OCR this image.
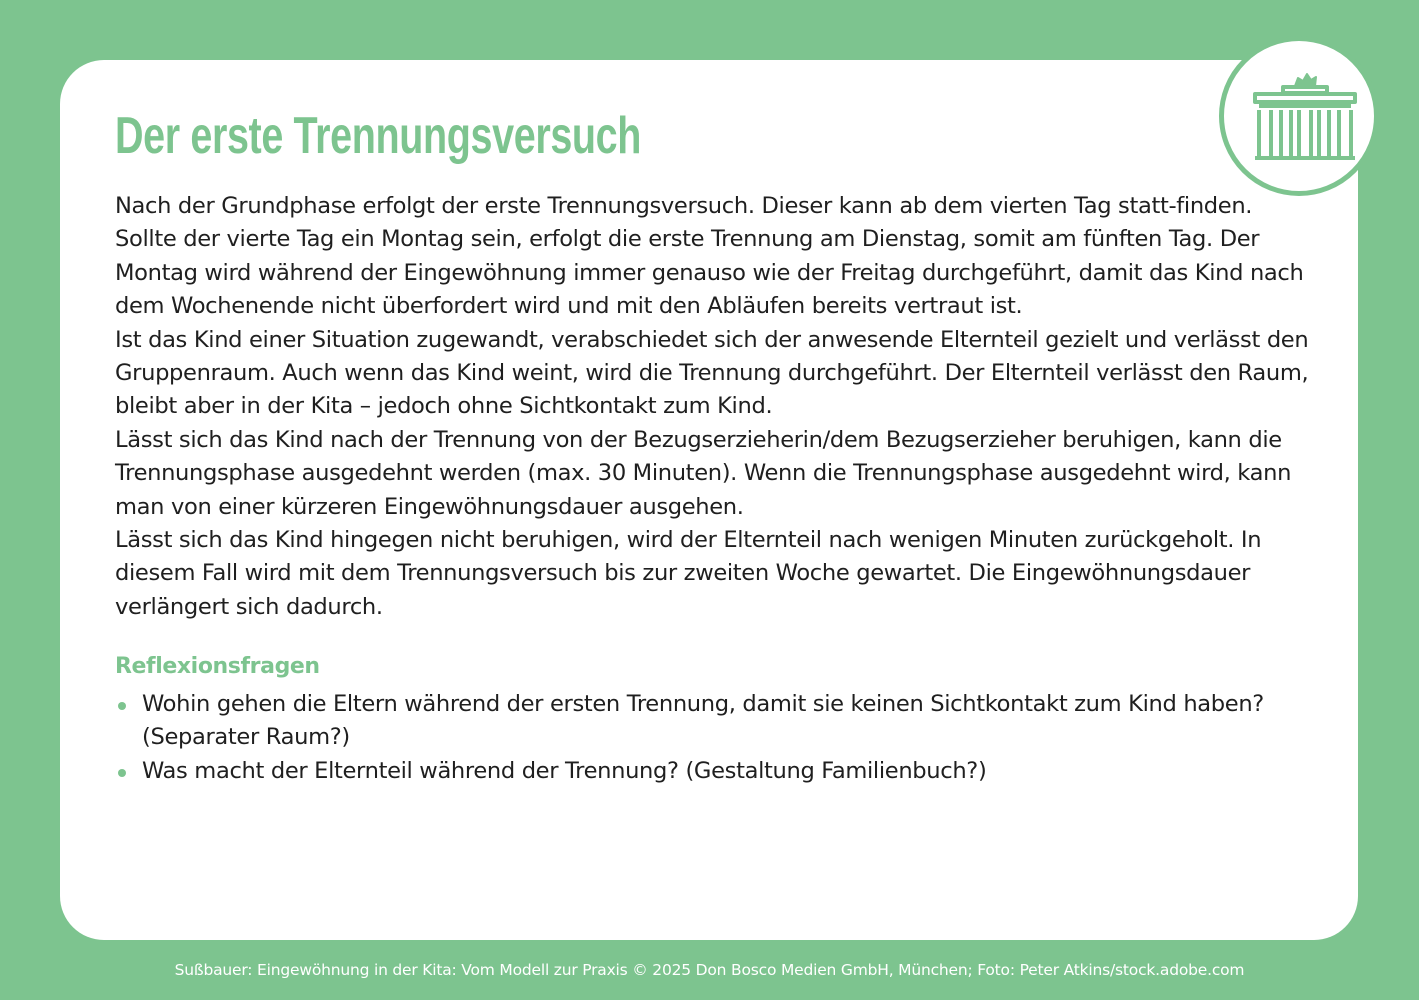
Der erste Trennungsversuch

Nach der Grundphase erfolgt der erste Trennungsversuch. Dieser kann ab dem vierten Tag statt-finden. Sollte der vierte Tag ein Montag sein, erfolgt die erste Trennung am Dienstag, somit am fünften Tag. Der Montag wird während der Eingewöhnung immer genauso wie der Freitag durchgeführt, damit das Kind nach dem Wochenende nicht überfordert wird und mit den Abläufen bereits vertraut ist.

Ist das Kind einer Situation zugewandt, verabschiedet sich der anwesende Elternteil gezielt und verlässt den Gruppenraum. Auch wenn das Kind weint, wird die Trennung durchgeführt. Der Elternteil verlässt den Raum, bleibt aber in der Kita – jedoch ohne Sichtkontakt zum Kind.

Lässt sich das Kind nach der Trennung von der Bezugserzieherin/dem Bezugserzieher beruhigen, kann die Trennungsphase ausgedehnt werden (max. 30 Minuten). Wenn die Trennungsphase ausgedehnt wird, kann man von einer kürzeren Eingewöhnungsdauer ausgehen.

Lässt sich das Kind hingegen nicht beruhigen, wird der Elternteil nach wenigen Minuten zurückgeholt. In diesem Fall wird mit dem Trennungsversuch bis zur zweiten Woche gewartet. Die Eingewöhnungsdauer verlängert sich dadurch.

Reflexionsfragen
Wohin gehen die Eltern während der ersten Trennung, damit sie keinen Sichtkontakt zum Kind haben? (Separater Raum?)
Was macht der Elternteil während der Trennung? (Gestaltung Familienbuch?)
Sußbauer: Eingewöhnung in der Kita: Vom Modell zur Praxis © 2025 Don Bosco Medien GmbH, München; Foto: Peter Atkins/stock.adobe.com
